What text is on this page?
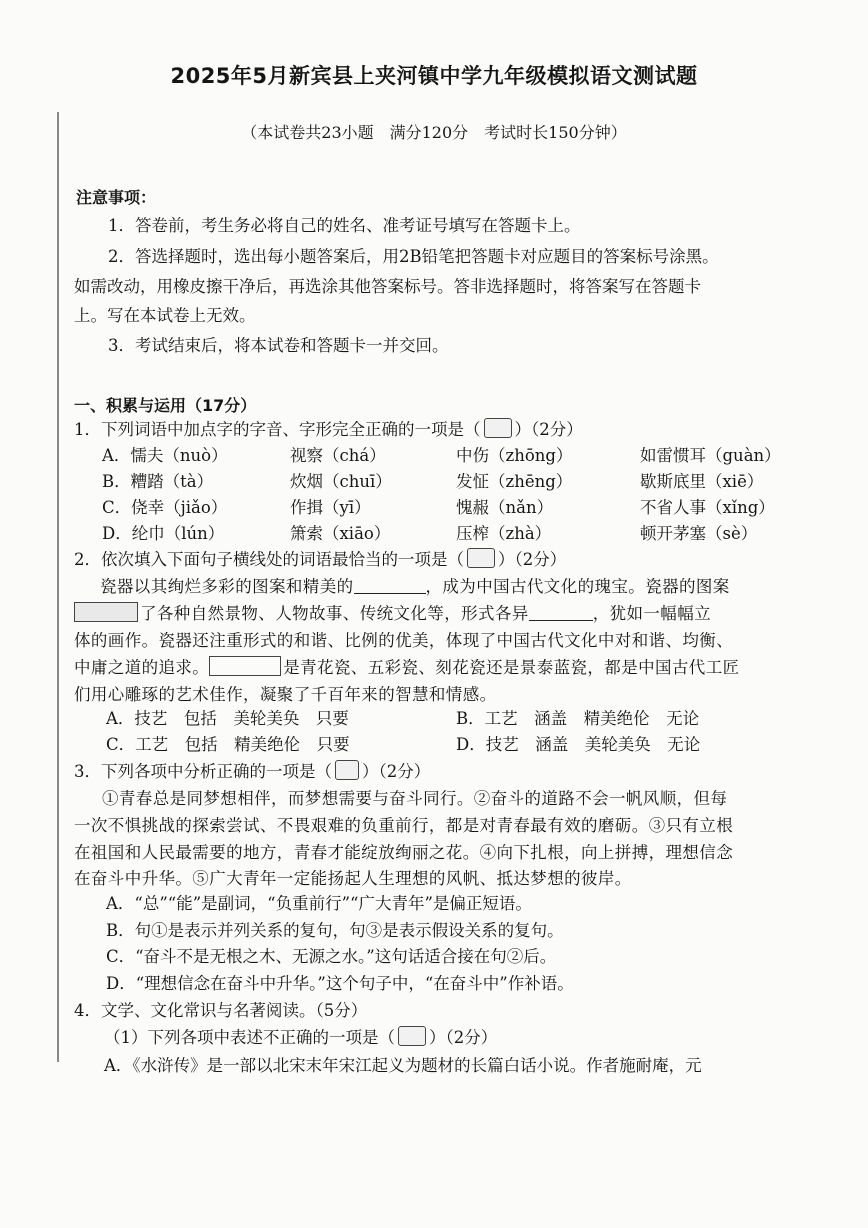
2025年5月新宾县上夹河镇中学九年级模拟语文测试题
（本试卷共23小题　满分120分　考试时长150分钟）
注意事项：
1．答卷前，考生务必将自己的姓名、准考证号填写在答题卡上。
2．答选择题时，选出每小题答案后，用2B铅笔把答题卡对应题目的答案标号涂黑。
如需改动，用橡皮擦干净后，再选涂其他答案标号。答非选择题时，将答案写在答题卡
上。写在本试卷上无效。
3．考试结束后，将本试卷和答题卡一并交回。
一、积累与运用（17分）
1．下列词语中加点字的字音、字形完全正确的一项是（ ）（2分）
A．懦夫（nuò）	视察（chá）	中伤（zhōng）	如雷惯耳（guàn）
B．糟踏（tà）	炊烟（chuī）	发怔（zhēng）	歇斯底里（xiē）
C．侥幸（jiǎo）	作揖（yī）	愧赧（nǎn）	不省人事（xǐng）
D．纶巾（lún）	箫索（xiāo）	压榨（zhà）	顿开茅塞（sè）
2．依次填入下面句子横线处的词语最恰当的一项是（ ）（2分）
瓷器以其绚烂多彩的图案和精美的	，成为中国古代文化的瑰宝。瓷器的图案
了各种自然景物、人物故事、传统文化等，形式各异	，犹如一幅幅立
体的画作。瓷器还注重形式的和谐、比例的优美，体现了中国古代文化中对和谐、均衡、
中庸之道的追求。	是青花瓷、五彩瓷、刻花瓷还是景泰蓝瓷，都是中国古代工匠
们用心雕琢的艺术佳作，凝聚了千百年来的智慧和情感。
A．技艺　包括　美轮美奂　只要	B．工艺　涵盖　精美绝伦　无论
C．工艺　包括　精美绝伦　只要	D．技艺　涵盖　美轮美奂　无论
3．下列各项中分析正确的一项是（ ）（2分）
①青春总是同梦想相伴，而梦想需要与奋斗同行。②奋斗的道路不会一帆风顺，但每
一次不惧挑战的探索尝试、不畏艰难的负重前行，都是对青春最有效的磨砺。③只有立根
在祖国和人民最需要的地方，青春才能绽放绚丽之花。④向下扎根，向上拼搏，理想信念
在奋斗中升华。⑤广大青年一定能扬起人生理想的风帆、抵达梦想的彼岸。
A．“总”“能”是副词，“负重前行”“广大青年”是偏正短语。
B．句①是表示并列关系的复句，句③是表示假设关系的复句。
C．“奋斗不是无根之木、无源之水。”这句话适合接在句②后。
D．“理想信念在奋斗中升华。”这个句子中，“在奋斗中”作补语。
4．文学、文化常识与名著阅读。（5分）
（1）下列各项中表述不正确的一项是（ ）（2分）
A．《水浒传》是一部以北宋末年宋江起义为题材的长篇白话小说。作者施耐庵，元
